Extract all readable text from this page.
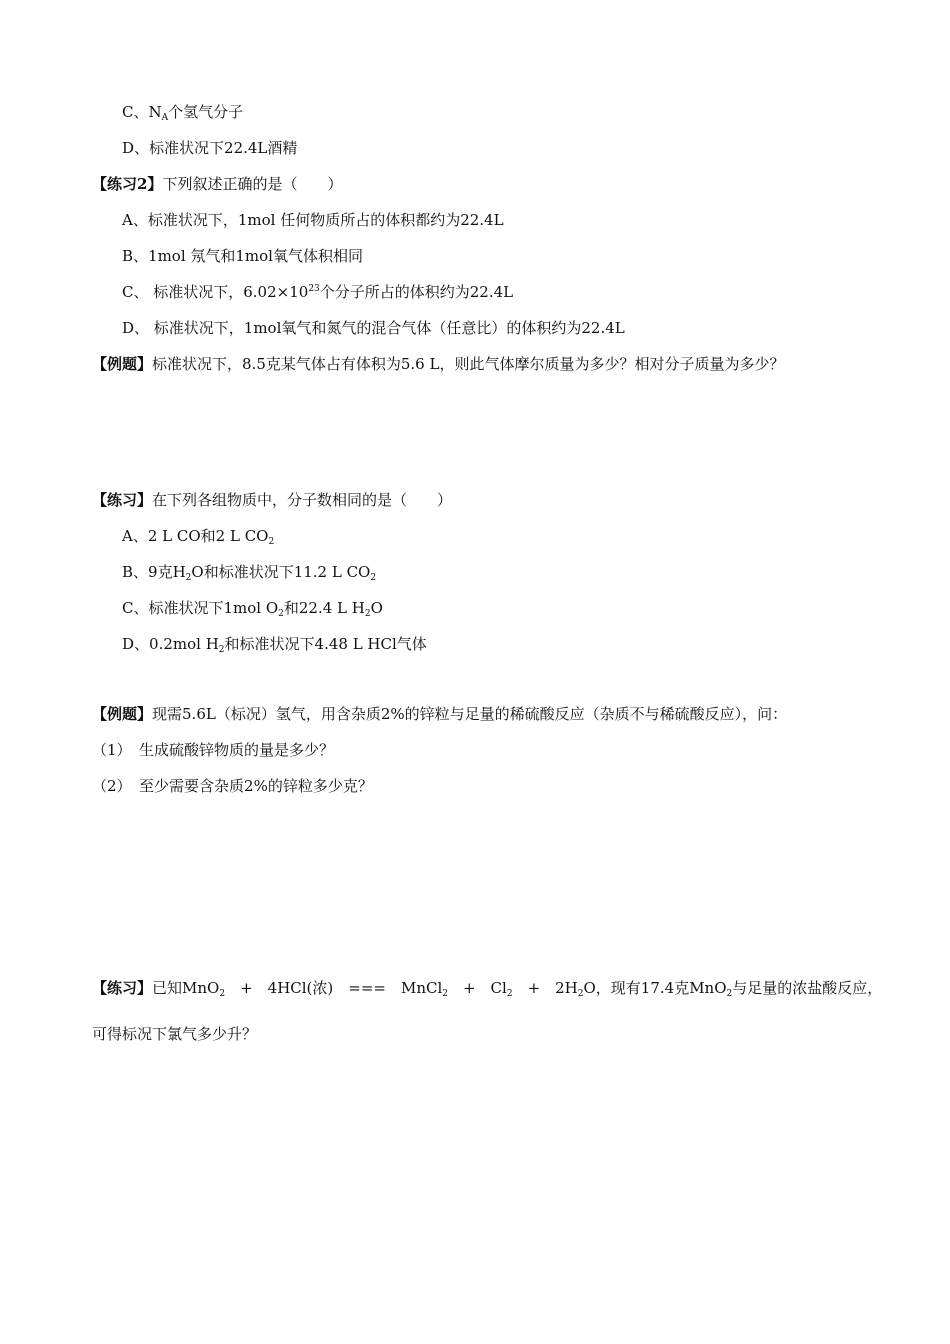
C、$N_A$个氢气分子
D、标准状况下22.4L酒精
【练习2】下列叙述正确的是（　　）
A、标准状况下，1mol 任何物质所占的体积都约为22.4L
B、1mol 氖气和1mol氧气体积相同
C、 标准状况下，$6.02\times 10^{23}$个分子所占的体积约为22.4L
D、 标准状况下，1mol氧气和氮气的混合气体（任意比）的体积约为22.4L
【例题】标准状况下，8.5克某气体占有体积为5.6 L，则此气体摩尔质量为多少？相对分子质量为多少？
【练习】在下列各组物质中，分子数相同的是（　　）
A、2 L CO和2 L $CO_2$
B、9克$H_2O$和标准状况下11.2 L $CO_2$
C、标准状况下1mol $O_2$和22.4 L $H_2O$
D、0.2mol $H_2$和标准状况下4.48 L HCl气体
【例题】现需5.6L（标况）氢气，用含杂质2%的锌粒与足量的稀硫酸反应（杂质不与稀硫酸反应），问：
（1）　生成硫酸锌物质的量是多少？
（2）　至少需要含杂质2%的锌粒多少克？
【练习】已知MnO$_2$　+　4HCl(浓)　===　MnCl$_2$　+　$Cl_2$　+　$2H_2O$，现有17.4克MnO$_2$与足量的浓盐酸反应，
可得标况下氯气多少升？
